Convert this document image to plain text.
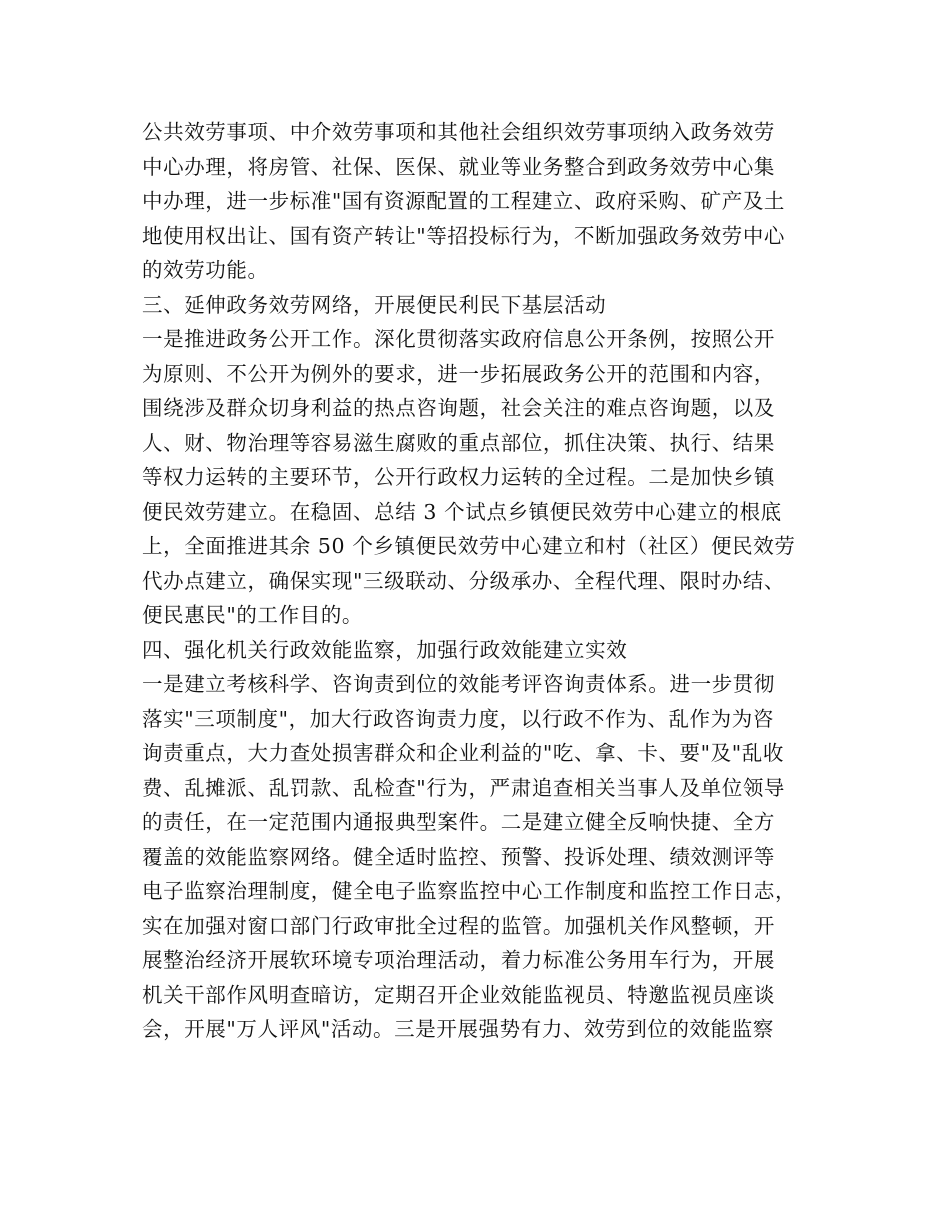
公共效劳事项、中介效劳事项和其他社会组织效劳事项纳入政务效劳
中心办理，将房管、社保、医保、就业等业务整合到政务效劳中心集
中办理，进一步标准"国有资源配置的工程建立、政府采购、矿产及土
地使用权出让、国有资产转让"等招投标行为，不断加强政务效劳中心
的效劳功能。
三、延伸政务效劳网络，开展便民利民下基层活动
一是推进政务公开工作。深化贯彻落实政府信息公开条例，按照公开
为原则、不公开为例外的要求，进一步拓展政务公开的范围和内容，
围绕涉及群众切身利益的热点咨询题，社会关注的难点咨询题，以及
人、财、物治理等容易滋生腐败的重点部位，抓住决策、执行、结果
等权力运转的主要环节，公开行政权力运转的全过程。二是加快乡镇
便民效劳建立。在稳固、总结 3 个试点乡镇便民效劳中心建立的根底
上，全面推进其余 50 个乡镇便民效劳中心建立和村（社区）便民效劳
代办点建立，确保实现"三级联动、分级承办、全程代理、限时办结、
便民惠民"的工作目的。
四、强化机关行政效能监察，加强行政效能建立实效
一是建立考核科学、咨询责到位的效能考评咨询责体系。进一步贯彻
落实"三项制度"，加大行政咨询责力度，以行政不作为、乱作为为咨
询责重点，大力查处损害群众和企业利益的"吃、拿、卡、要"及"乱收
费、乱摊派、乱罚款、乱检查"行为，严肃追查相关当事人及单位领导
的责任，在一定范围内通报典型案件。二是建立健全反响快捷、全方
覆盖的效能监察网络。健全适时监控、预警、投诉处理、绩效测评等
电子监察治理制度，健全电子监察监控中心工作制度和监控工作日志，
实在加强对窗口部门行政审批全过程的监管。加强机关作风整顿，开
展整治经济开展软环境专项治理活动，着力标准公务用车行为，开展
机关干部作风明查暗访，定期召开企业效能监视员、特邀监视员座谈
会，开展"万人评风"活动。三是开展强势有力、效劳到位的效能监察
